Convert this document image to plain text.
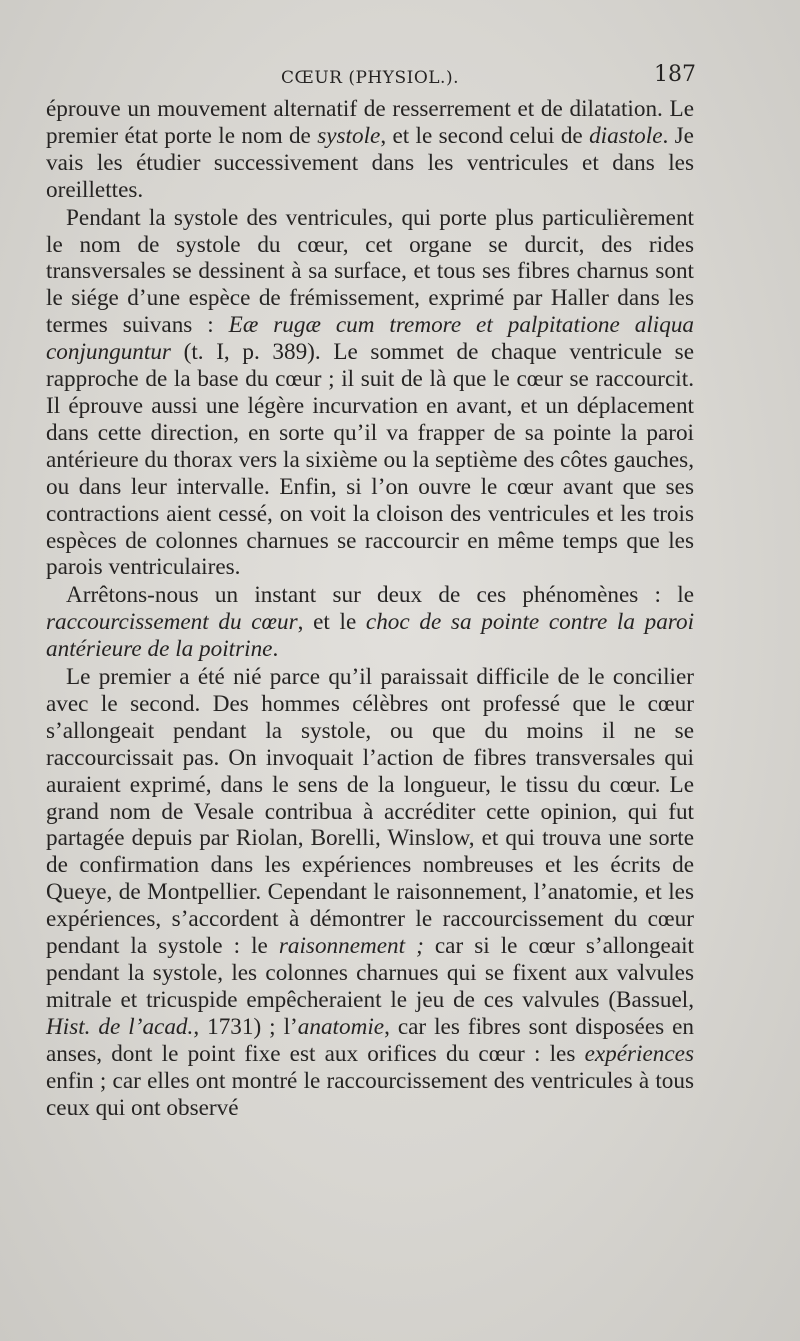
CŒUR (PHYSIOL.).	187

éprouve un mouvement alternatif de resserrement et de dilatation. Le premier état porte le nom de systole, et le second celui de diastole. Je vais les étudier successivement dans les ventricules et dans les oreillettes.

Pendant la systole des ventricules, qui porte plus particulièrement le nom de systole du cœur, cet organe se durcit, des rides transversales se dessinent à sa surface, et tous ses fibres charnus sont le siége d’une espèce de frémissement, exprimé par Haller dans les termes suivans : Eæ rugæ cum tremore et palpitatione aliqua conjunguntur (t. I, p. 389). Le sommet de chaque ventricule se rapproche de la base du cœur ; il suit de là que le cœur se raccourcit. Il éprouve aussi une légère incurvation en avant, et un déplacement dans cette direction, en sorte qu’il va frapper de sa pointe la paroi antérieure du thorax vers la sixième ou la septième des côtes gauches, ou dans leur intervalle. Enfin, si l’on ouvre le cœur avant que ses contractions aient cessé, on voit la cloison des ventricules et les trois espèces de colonnes charnues se raccourcir en même temps que les parois ventriculaires.

Arrêtons-nous un instant sur deux de ces phénomènes : le raccourcissement du cœur, et le choc de sa pointe contre la paroi antérieure de la poitrine.

Le premier a été nié parce qu’il paraissait difficile de le concilier avec le second. Des hommes célèbres ont professé que le cœur s’allongeait pendant la systole, ou que du moins il ne se raccourcissait pas. On invoquait l’action de fibres transversales qui auraient exprimé, dans le sens de la longueur, le tissu du cœur. Le grand nom de Vesale contribua à accréditer cette opinion, qui fut partagée depuis par Riolan, Borelli, Winslow, et qui trouva une sorte de confirmation dans les expériences nombreuses et les écrits de Queye, de Montpellier. Cependant le raisonnement, l’anatomie, et les expériences, s’accordent à démontrer le raccourcissement du cœur pendant la systole : le raisonnement ; car si le cœur s’allongeait pendant la systole, les colonnes charnues qui se fixent aux valvules mitrale et tricuspide empêcheraient le jeu de ces valvules (Bassuel, Hist. de l’acad., 1731) ; l’anatomie, car les fibres sont disposées en anses, dont le point fixe est aux orifices du cœur : les expériences enfin ; car elles ont montré le raccourcissement des ventricules à tous ceux qui ont observé
